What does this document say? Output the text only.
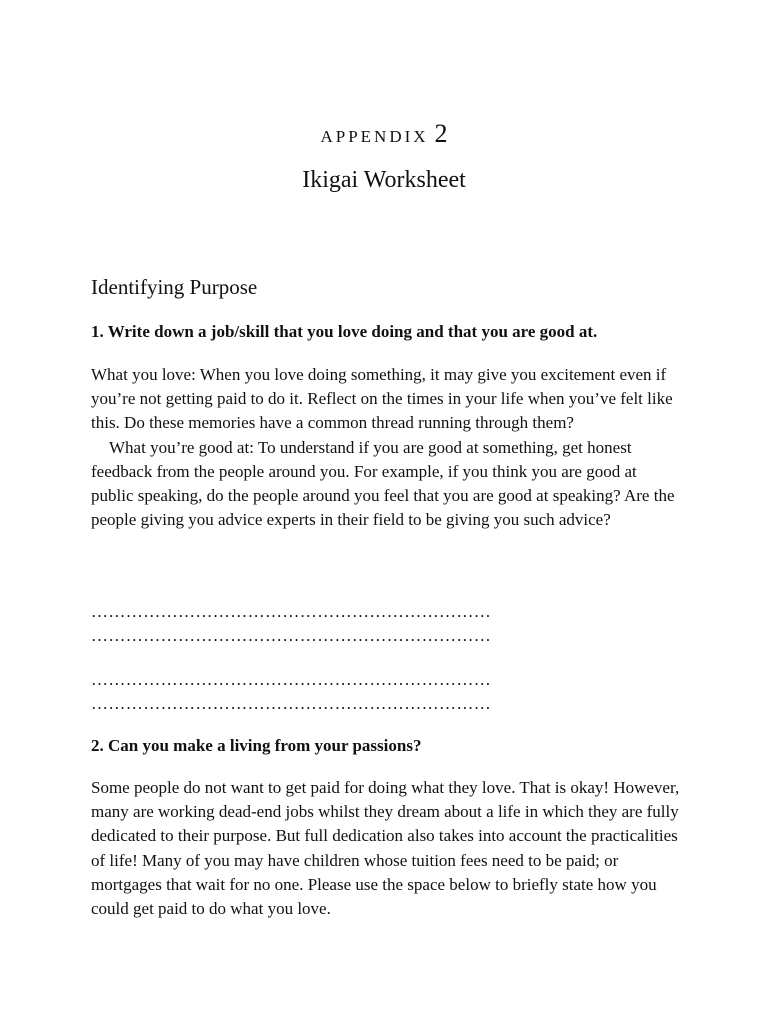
APPENDIX 2
Ikigai Worksheet
Identifying Purpose
1. Write down a job/skill that you love doing and that you are good at.

What you love: When you love doing something, it may give you excitement even if you’re not getting paid to do it. Reflect on the times in your life when you’ve felt like this. Do these memories have a common thread running through them?

What you’re good at: To understand if you are good at something, get honest feedback from the people around you. For example, if you think you are good at public speaking, do the people around you feel that you are good at speaking? Are the people giving you advice experts in their field to be giving you such advice?

……………………………………………………………
……………………………………………………………
……………………………………………………………
……………………………………………………………
2. Can you make a living from your passions?

Some people do not want to get paid for doing what they love. That is okay! However, many are working dead-end jobs whilst they dream about a life in which they are fully dedicated to their purpose. But full dedication also takes into account the practicalities of life! Many of you may have children whose tuition fees need to be paid; or mortgages that wait for no one. Please use the space below to briefly state how you could get paid to do what you love.
